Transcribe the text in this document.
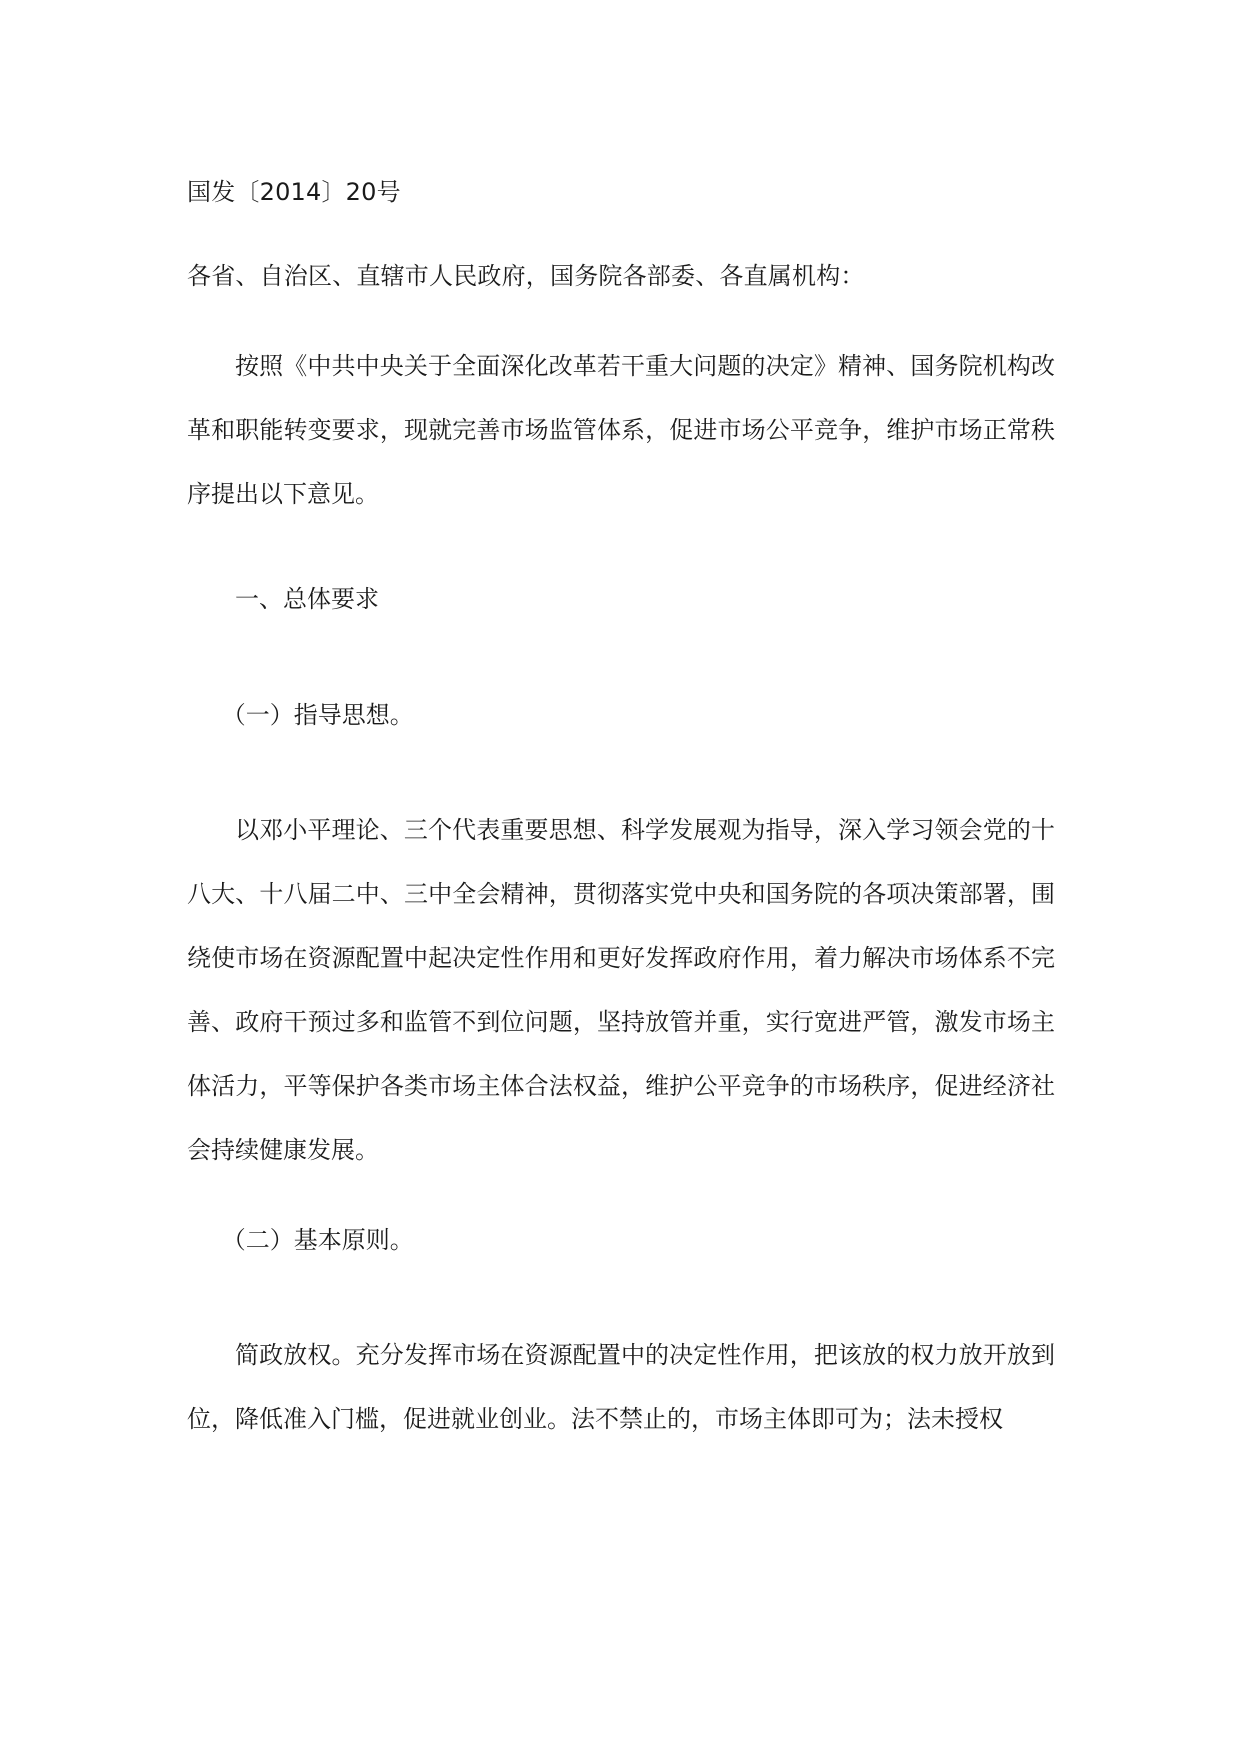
国发〔2014〕20号
各省、自治区、直辖市人民政府，国务院各部委、各直属机构：

按照《中共中央关于全面深化改革若干重大问题的决定》精神、国务院机构改革和职能转变要求，现就完善市场监管体系，促进市场公平竞争，维护市场正常秩序提出以下意见。

一、总体要求

（一）指导思想。

以邓小平理论、三个代表重要思想、科学发展观为指导，深入学习领会党的十八大、十八届二中、三中全会精神，贯彻落实党中央和国务院的各项决策部署，围绕使市场在资源配置中起决定性作用和更好发挥政府作用，着力解决市场体系不完善、政府干预过多和监管不到位问题，坚持放管并重，实行宽进严管，激发市场主体活力，平等保护各类市场主体合法权益，维护公平竞争的市场秩序，促进经济社会持续健康发展。

（二）基本原则。

简政放权。充分发挥市场在资源配置中的决定性作用，把该放的权力放开放到位，降低准入门槛，促进就业创业。法不禁止的，市场主体即可为；法未授权
